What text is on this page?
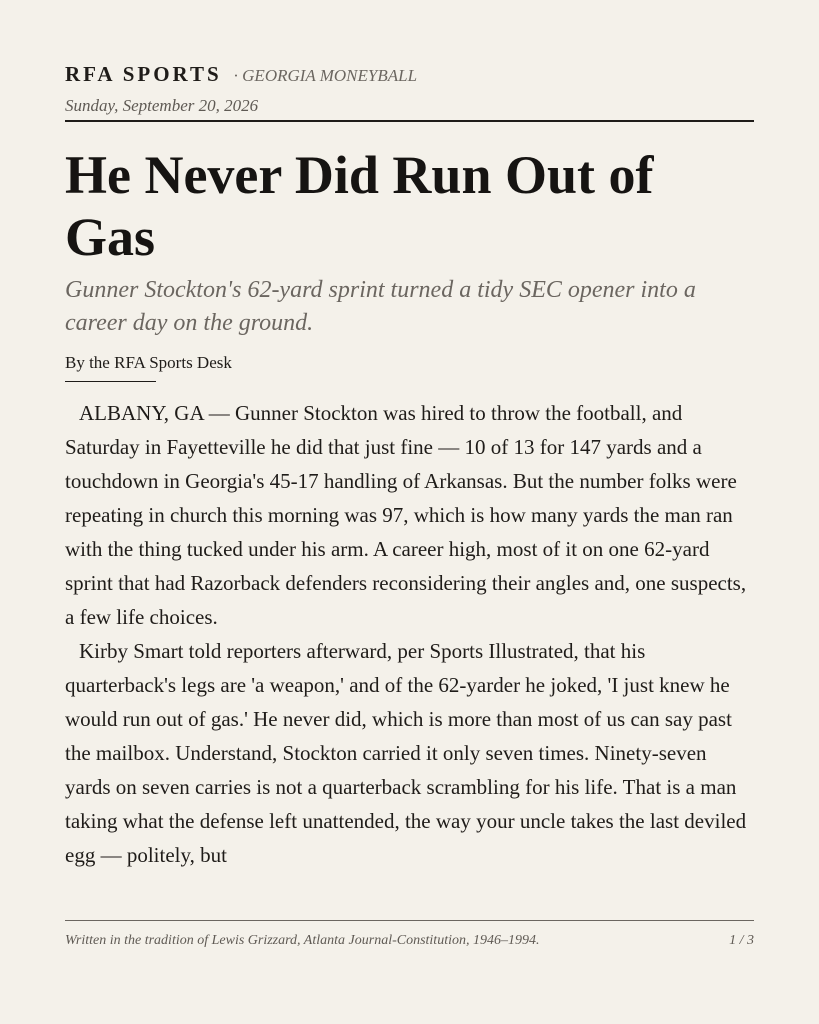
RFA SPORTS · GEORGIA MONEYBALL
Sunday, September 20, 2026
He Never Did Run Out of Gas

Gunner Stockton's 62-yard sprint turned a tidy SEC opener into a career day on the ground.

By the RFA Sports Desk

ALBANY, GA — Gunner Stockton was hired to throw the football, and Saturday in Fayetteville he did that just fine — 10 of 13 for 147 yards and a touchdown in Georgia's 45-17 handling of Arkansas. But the number folks were repeating in church this morning was 97, which is how many yards the man ran with the thing tucked under his arm. A career high, most of it on one 62-yard sprint that had Razorback defenders reconsidering their angles and, one suspects, a few life choices.

Kirby Smart told reporters afterward, per Sports Illustrated, that his quarterback's legs are 'a weapon,' and of the 62-yarder he joked, 'I just knew he would run out of gas.' He never did, which is more than most of us can say past the mailbox. Understand, Stockton carried it only seven times. Ninety-seven yards on seven carries is not a quarterback scrambling for his life. That is a man taking what the defense left unattended, the way your uncle takes the last deviled egg — politely, but

Written in the tradition of Lewis Grizzard, Atlanta Journal-Constitution, 1946–1994.	1 / 3
